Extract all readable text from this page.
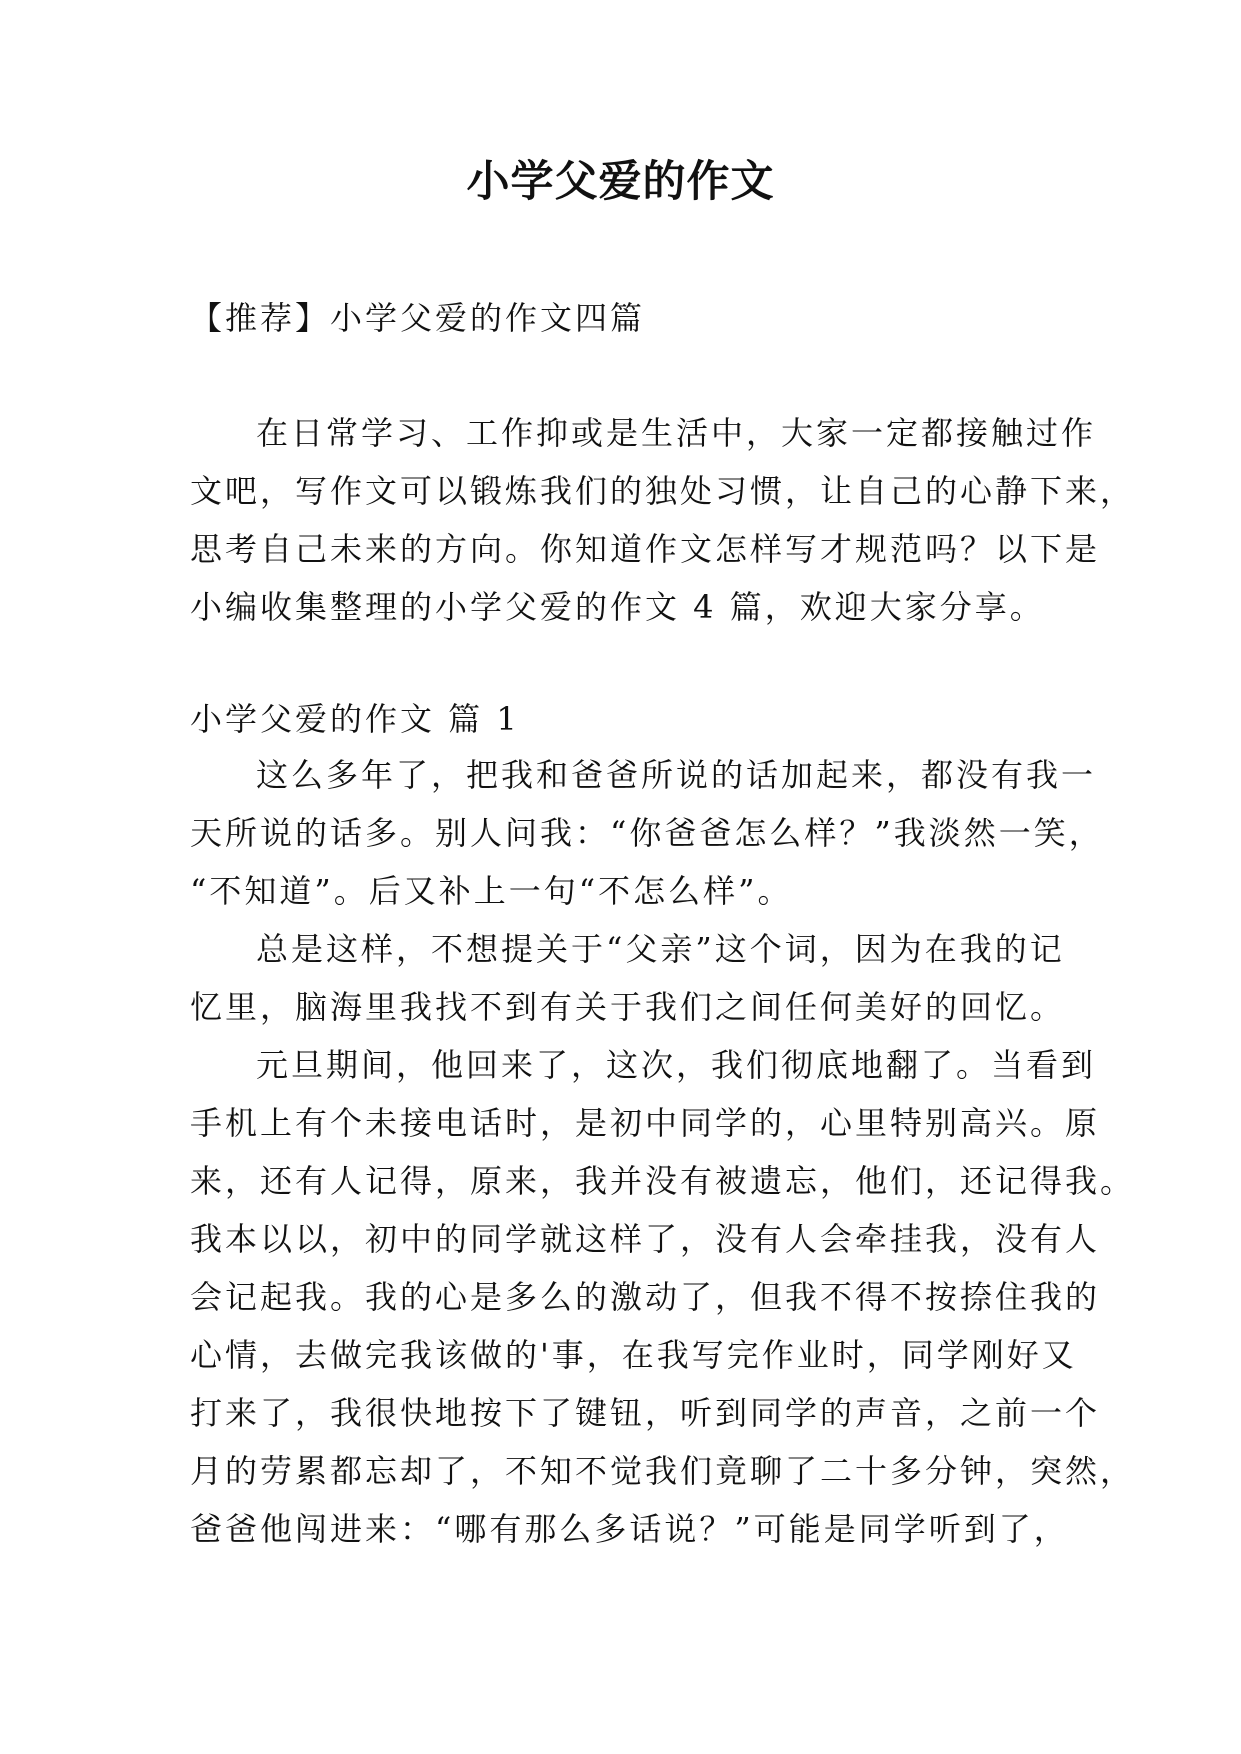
小学父爱的作文
【推荐】小学父爱的作文四篇
在日常学习、工作抑或是生活中，大家一定都接触过作
文吧，写作文可以锻炼我们的独处习惯，让自己的心静下来，
思考自己未来的方向。你知道作文怎样写才规范吗？以下是
小编收集整理的小学父爱的作文 4 篇，欢迎大家分享。
小学父爱的作文 篇 1
这么多年了，把我和爸爸所说的话加起来，都没有我一
天所说的话多。别人问我：“你爸爸怎么样？”我淡然一笑，
“不知道”。后又补上一句“不怎么样”。
总是这样，不想提关于“父亲”这个词，因为在我的记
忆里，脑海里我找不到有关于我们之间任何美好的回忆。
元旦期间，他回来了，这次，我们彻底地翻了。当看到
手机上有个未接电话时，是初中同学的，心里特别高兴。原
来，还有人记得，原来，我并没有被遗忘，他们，还记得我。
我本以以，初中的同学就这样了，没有人会牵挂我，没有人
会记起我。我的心是多么的激动了，但我不得不按捺住我的
心情，去做完我该做的'事，在我写完作业时，同学刚好又
打来了，我很快地按下了键钮，听到同学的声音，之前一个
月的劳累都忘却了，不知不觉我们竟聊了二十多分钟，突然，
爸爸他闯进来：“哪有那么多话说？”可能是同学听到了，
